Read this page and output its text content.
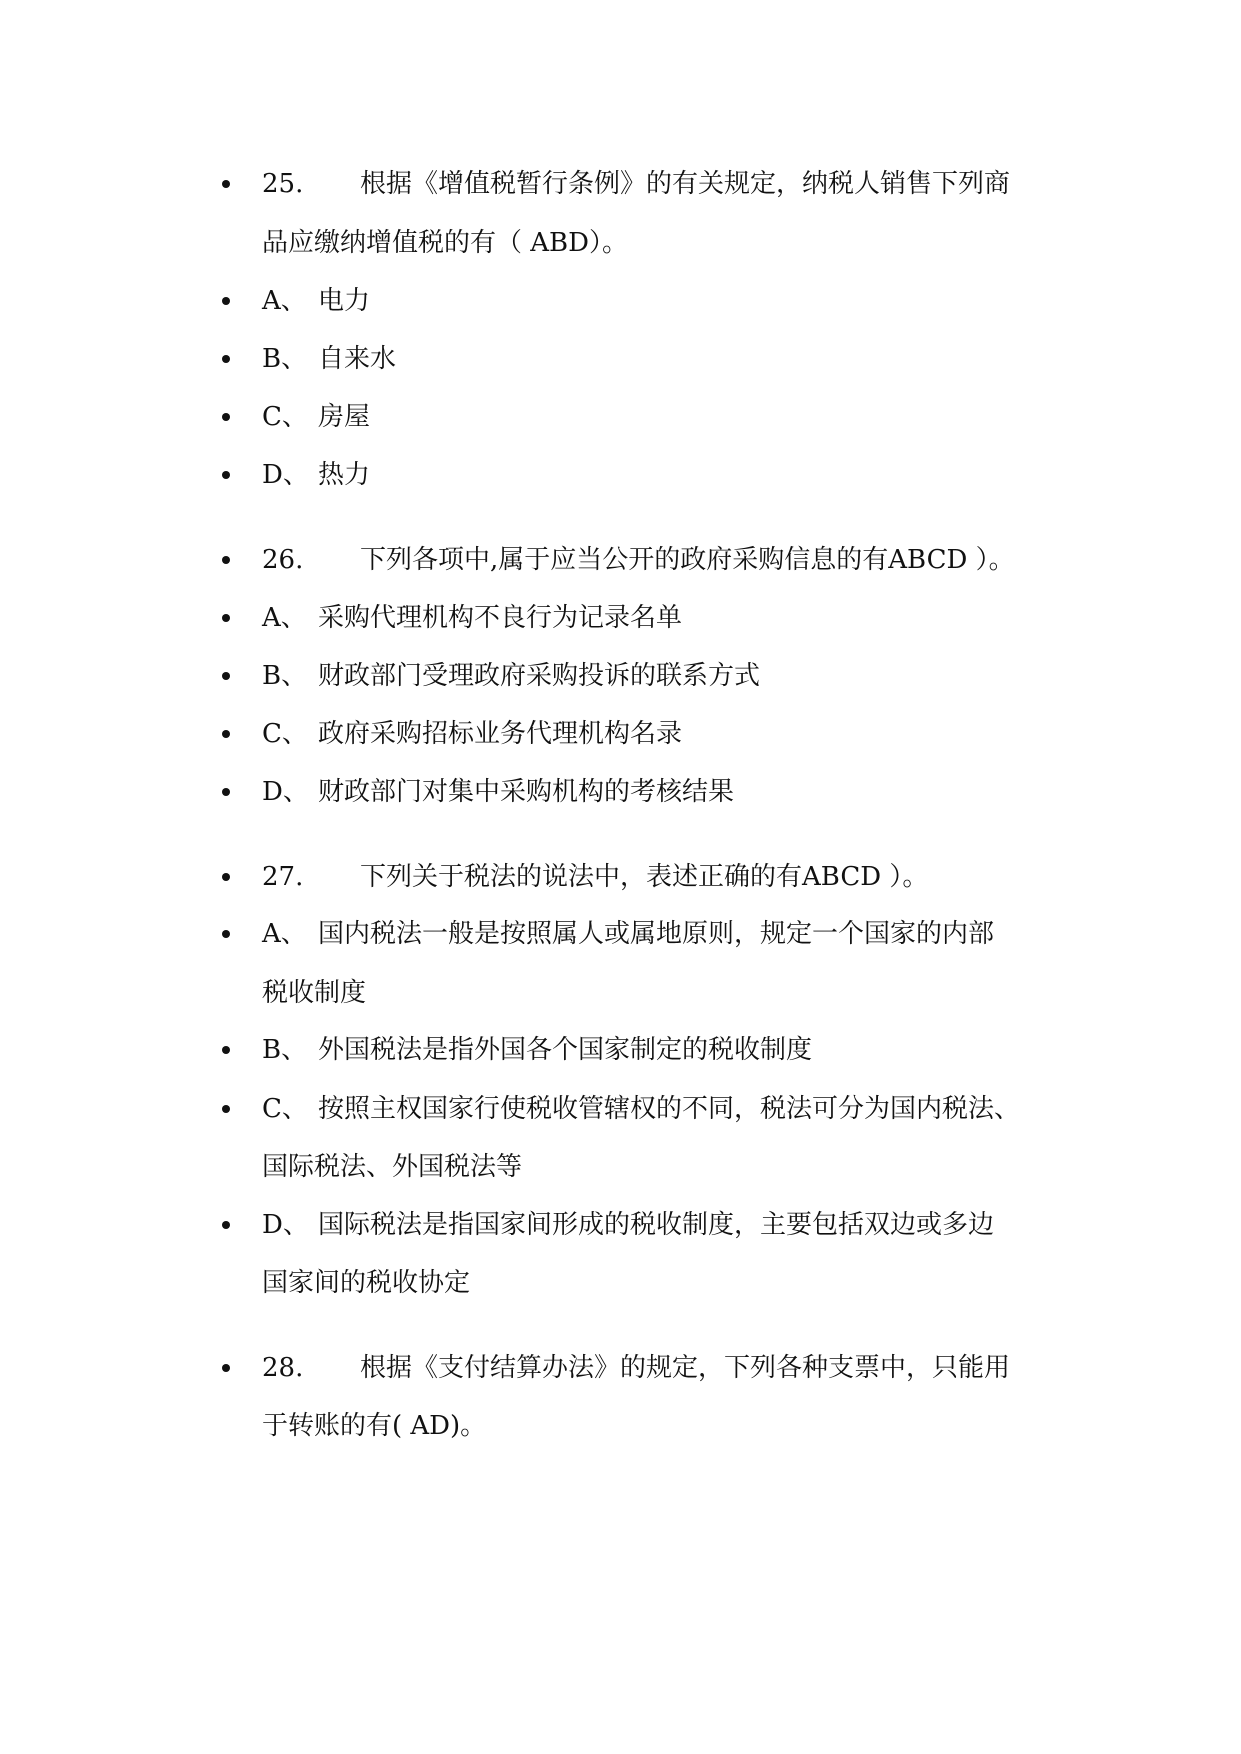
25. 根据《增值税暂行条例》的有关规定，纳税人销售下列商
品应缴纳增值税的有（ ABD）。
A、 电力
B、 自来水
C、 房屋
D、 热力
26. 下列各项中,属于应当公开的政府采购信息的有ABCD ）。
A、 采购代理机构不良行为记录名单
B、 财政部门受理政府采购投诉的联系方式
C、 政府采购招标业务代理机构名录
D、 财政部门对集中采购机构的考核结果
27. 下列关于税法的说法中，表述正确的有ABCD ）。
A、 国内税法一般是按照属人或属地原则，规定一个国家的内部
税收制度
B、 外国税法是指外国各个国家制定的税收制度
C、 按照主权国家行使税收管辖权的不同，税法可分为国内税法、
国际税法、外国税法等
D、 国际税法是指国家间形成的税收制度，主要包括双边或多边
国家间的税收协定
28. 根据《支付结算办法》的规定，下列各种支票中，只能用
于转账的有( AD)。
